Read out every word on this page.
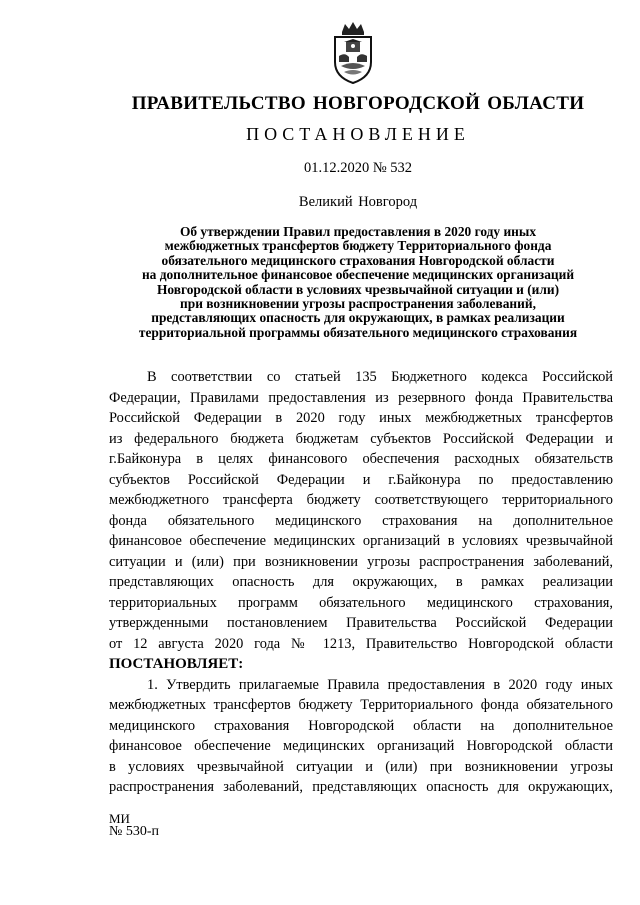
ПРАВИТЕЛЬСТВО НОВГОРОДСКОЙ ОБЛАСТИ
ПОСТАНОВЛЕНИЕ
01.12.2020 № 532
Великий Новгород
Об утверждении Правил предоставления в 2020 году иных
межбюджетных трансфертов бюджету Территориального фонда
обязательного медицинского страхования Новгородской области
на дополнительное финансовое обеспечение медицинских организаций
Новгородской области в условиях чрезвычайной ситуации и (или)
при возникновении угрозы распространения заболеваний,
представляющих опасность для окружающих, в рамках реализации
территориальной программы обязательного медицинского страхования
В соответствии со статьей 135 Бюджетного кодекса Российской
Федерации, Правилами предоставления из резервного фонда Правительства
Российской Федерации в 2020 году иных межбюджетных трансфертов
из федерального бюджета бюджетам субъектов Российской Федерации и
г.Байконура в целях финансового обеспечения расходных обязательств
субъектов Российской Федерации и г.Байконура по предоставлению
межбюджетного трансферта бюджету соответствующего территориального
фонда обязательного медицинского страхования на дополнительное
финансовое обеспечение медицинских организаций в условиях чрезвычайной
ситуации и (или) при возникновении угрозы распространения заболеваний,
представляющих опасность для окружающих, в рамках реализации
территориальных программ обязательного медицинского страхования,
утвержденными постановлением Правительства Российской Федерации
от 12 августа 2020 года № 1213, Правительство Новгородской области
ПОСТАНОВЛЯЕТ:
1. Утвердить прилагаемые Правила предоставления в 2020 году иных
межбюджетных трансфертов бюджету Территориального фонда обязательного
медицинского страхования Новгородской области на дополнительное
финансовое обеспечение медицинских организаций Новгородской области
в условиях чрезвычайной ситуации и (или) при возникновении угрозы
распространения заболеваний, представляющих опасность для окружающих,
МИ
№ 530-п
